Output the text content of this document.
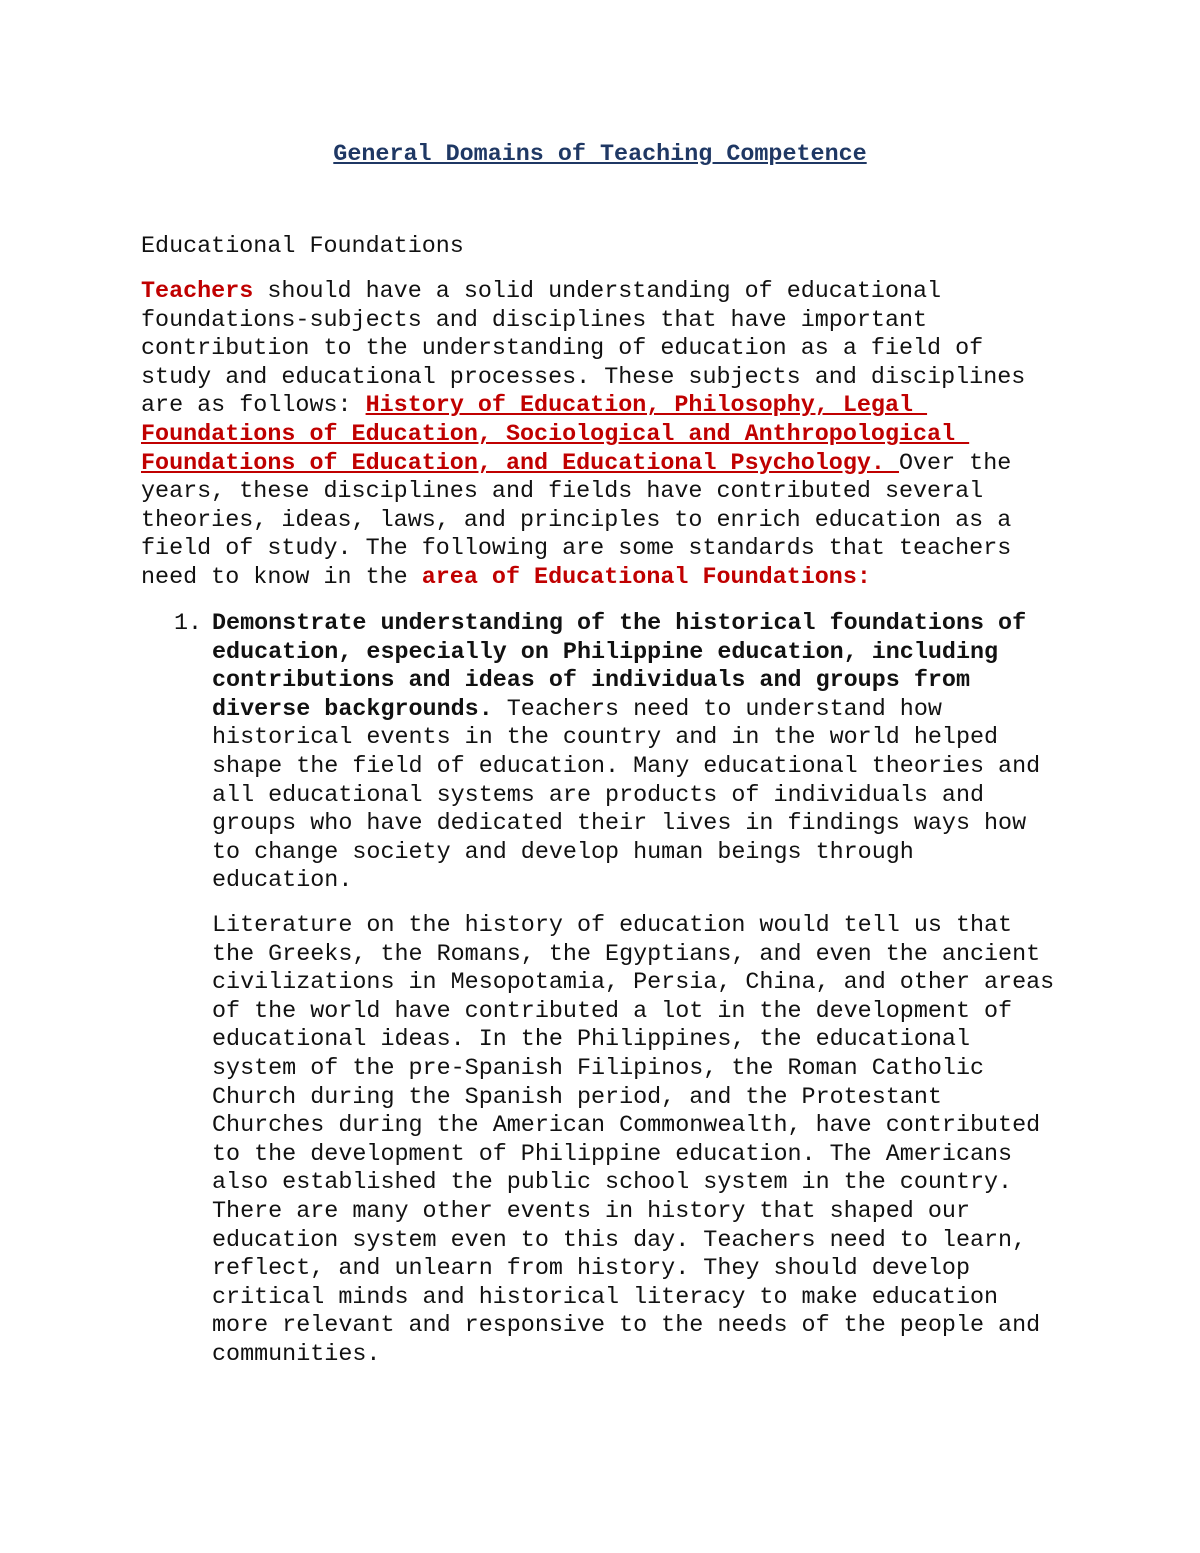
General Domains of Teaching Competence
Educational Foundations

Teachers should have a solid understanding of educational
foundations-subjects and disciplines that have important
contribution to the understanding of education as a field of
study and educational processes. These subjects and disciplines
are as follows: History of Education, Philosophy, Legal
Foundations of Education, Sociological and Anthropological
Foundations of Education, and Educational Psychology. Over the
years, these disciplines and fields have contributed several
theories, ideas, laws, and principles to enrich education as a
field of study. The following are some standards that teachers
need to know in the area of Educational Foundations:

1. Demonstrate understanding of the historical foundations of
education, especially on Philippine education, including
contributions and ideas of individuals and groups from
diverse backgrounds. Teachers need to understand how
historical events in the country and in the world helped
shape the field of education. Many educational theories and
all educational systems are products of individuals and
groups who have dedicated their lives in findings ways how
to change society and develop human beings through
education.

Literature on the history of education would tell us that
the Greeks, the Romans, the Egyptians, and even the ancient
civilizations in Mesopotamia, Persia, China, and other areas
of the world have contributed a lot in the development of
educational ideas. In the Philippines, the educational
system of the pre-Spanish Filipinos, the Roman Catholic
Church during the Spanish period, and the Protestant
Churches during the American Commonwealth, have contributed
to the development of Philippine education. The Americans
also established the public school system in the country.
There are many other events in history that shaped our
education system even to this day. Teachers need to learn,
reflect, and unlearn from history. They should develop
critical minds and historical literacy to make education
more relevant and responsive to the needs of the people and
communities.
